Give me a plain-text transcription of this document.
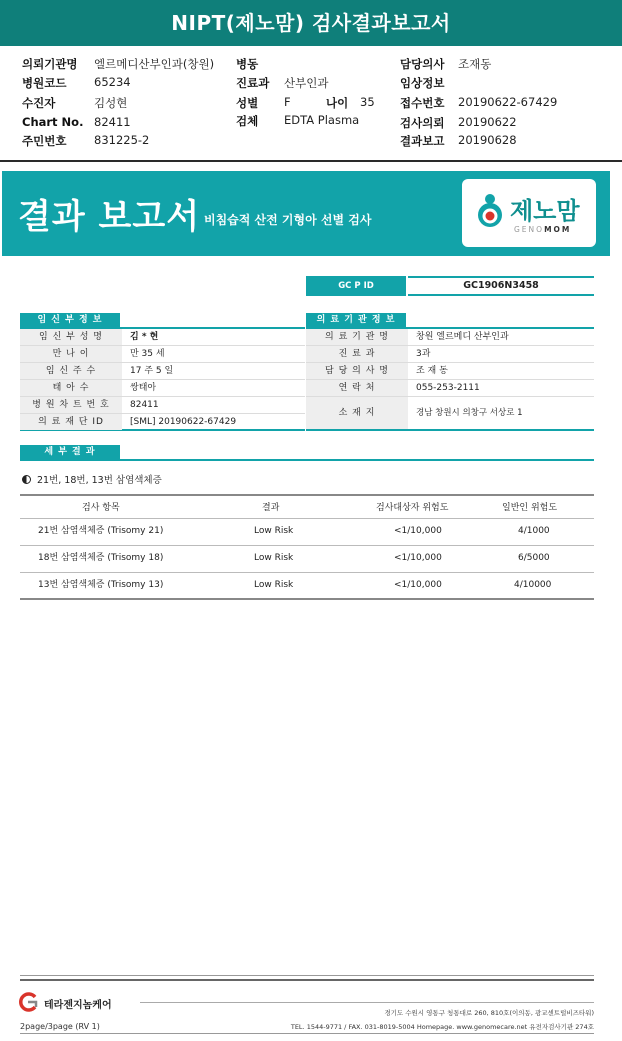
NIPT(제노맘) 검사결과보고서
의뢰기관명 엘르메디산부인과(창원) 병동	담당의사 조재동
병원코드 65234	진료과 산부인과	임상정보
수진자	김성현	성별 F	나이 35 접수번호 20190622-67429
Chart No. 82411	검체 EDTA Plasma	검사의뢰 20190622
주민번호 831225-2	결과보고 20190628
결과 보고서 비침습적 산전 기형아 선별 검사	제노맘
GENOMOM
GC P ID	GC1906N3458
임 신 부 정 보	의 료 기 관 정 보
임 신 부 성 명	김 * 현
만 나 이	만 35 세
임 신 주 수	17 주 5 일
태 아 수	쌍태아
병 원 차 트 번 호	82411
의 료 재 단 ID	[SML] 20190622-67429
의 료 기 관 명	창원 엘르메디 산부인과
진 료 과	3과
담 당 의 사 명	조 재 동
연 락 처	055-253-2111
소 재 지	경남 창원시 의창구 서상로 1
세 부 결 과
21번, 18번, 13번 삼염색체증
검사 항목	결과	검사대상자 위험도	일반인 위험도
21번 삼염색체증 (Trisomy 21)	Low Risk	<1/10,000	4/1000
18번 삼염색체증 (Trisomy 18)	Low Risk	<1/10,000	6/5000
13번 삼염색체증 (Trisomy 13)	Low Risk	<1/10,000	4/10000
테라젠지놈케어
경기도 수원시 영통구 청통대로 260, 810호(이의동, 광교센트럴비즈타워)
TEL. 1544-9771 / FAX. 031-8019-5004 Homepage. www.genomecare.net 유전자검사기관 274호
2page/3page (RV 1)
